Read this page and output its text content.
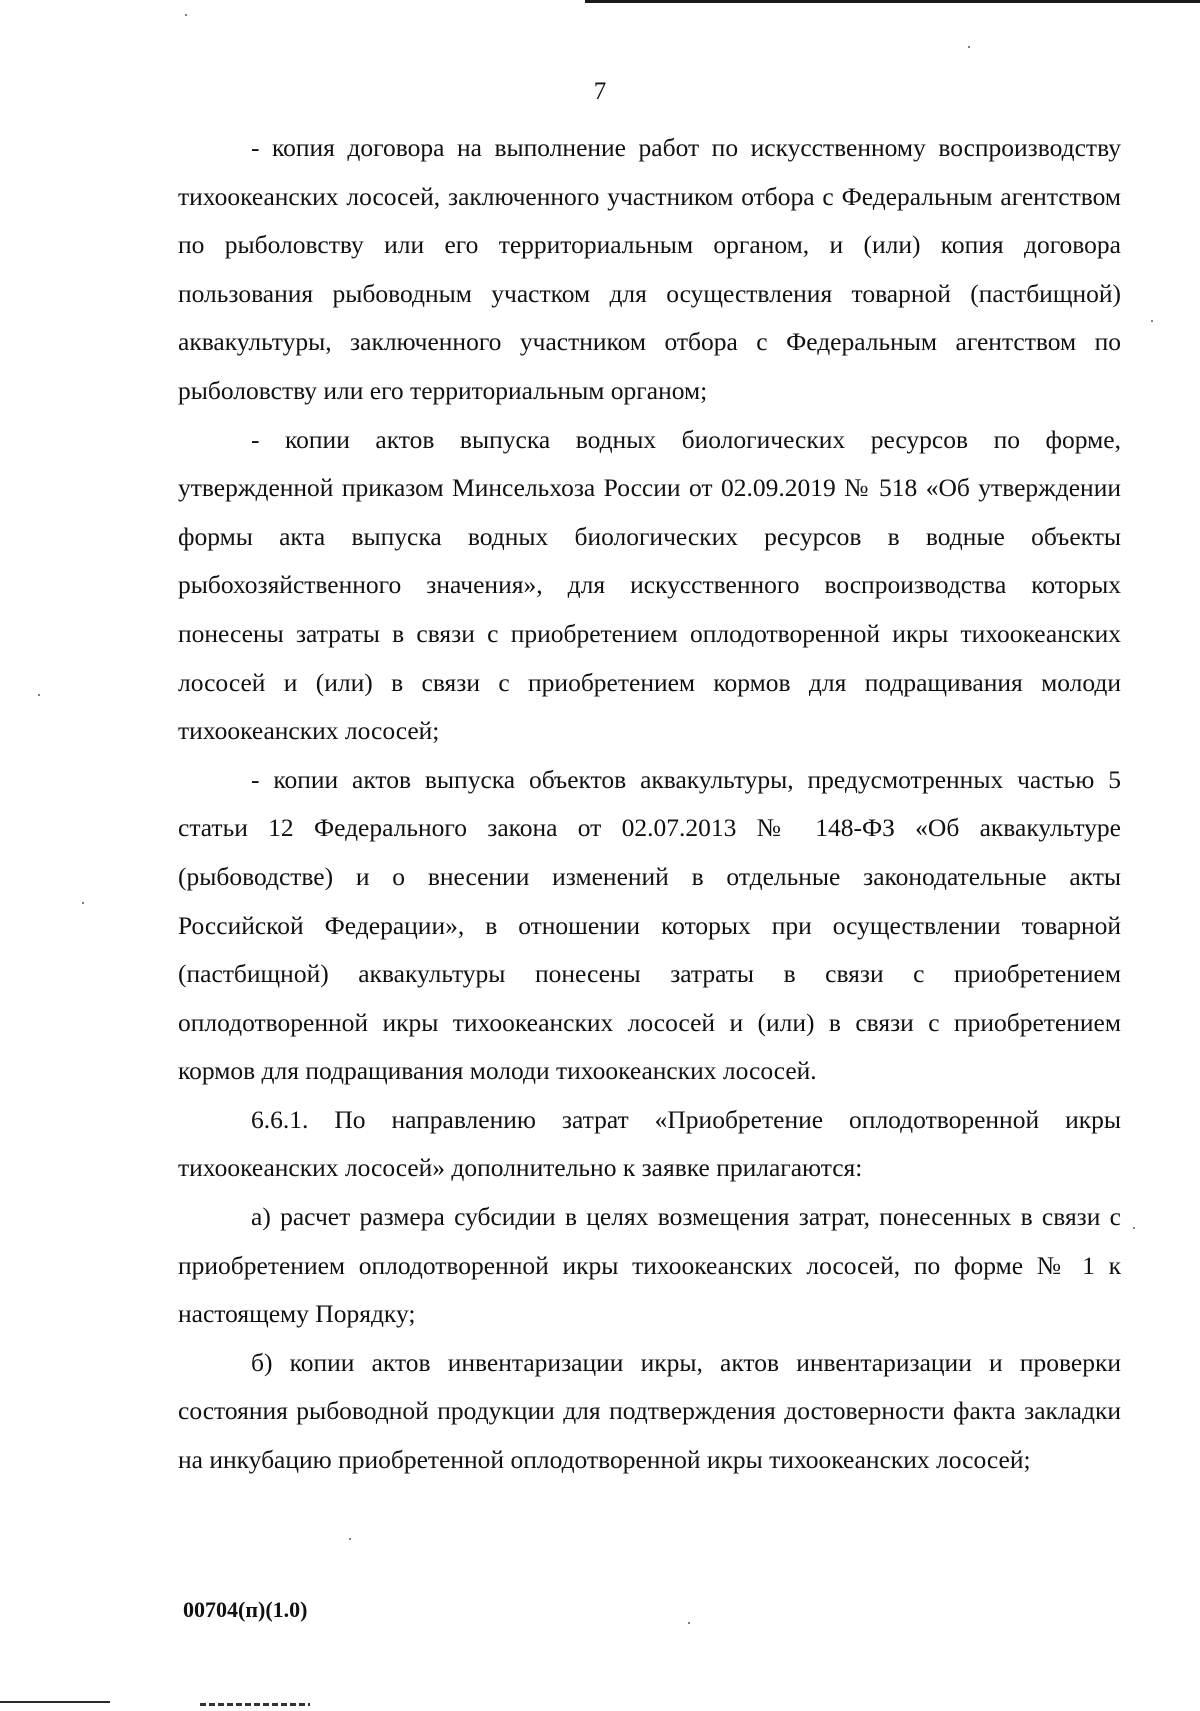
7

- копия договора на выполнение работ по искусственному воспроизводству тихоокеанских лососей, заключенного участником отбора с Федеральным агентством по рыболовству или его территориальным органом, и (или) копия договора пользования рыбоводным участком для осуществления товарной (пастбищной) аквакультуры, заключенного участником отбора с Федеральным агентством по рыболовству или его территориальным органом;

- копии актов выпуска водных биологических ресурсов по форме, утвержденной приказом Минсельхоза России от 02.09.2019 № 518 «Об утверждении формы акта выпуска водных биологических ресурсов в водные объекты рыбохозяйственного значения», для искусственного воспроизводства которых понесены затраты в связи с приобретением оплодотворенной икры тихоокеанских лососей и (или) в связи с приобретением кормов для подращивания молоди тихоокеанских лососей;

- копии актов выпуска объектов аквакультуры, предусмотренных частью 5 статьи 12 Федерального закона от 02.07.2013 № 148-ФЗ «Об аквакультуре (рыбоводстве) и о внесении изменений в отдельные законодательные акты Российской Федерации», в отношении которых при осуществлении товарной (пастбищной) аквакультуры понесены затраты в связи с приобретением оплодотворенной икры тихоокеанских лососей и (или) в связи с приобретением кормов для подращивания молоди тихоокеанских лососей.

6.6.1. По направлению затрат «Приобретение оплодотворенной икры тихоокеанских лососей» дополнительно к заявке прилагаются:

а) расчет размера субсидии в целях возмещения затрат, понесенных в связи с приобретением оплодотворенной икры тихоокеанских лососей, по форме № 1 к настоящему Порядку;

б) копии актов инвентаризации икры, актов инвентаризации и проверки состояния рыбоводной продукции для подтверждения достоверности факта закладки на инкубацию приобретенной оплодотворенной икры тихоокеанских лососей;

00704(п)(1.0)
